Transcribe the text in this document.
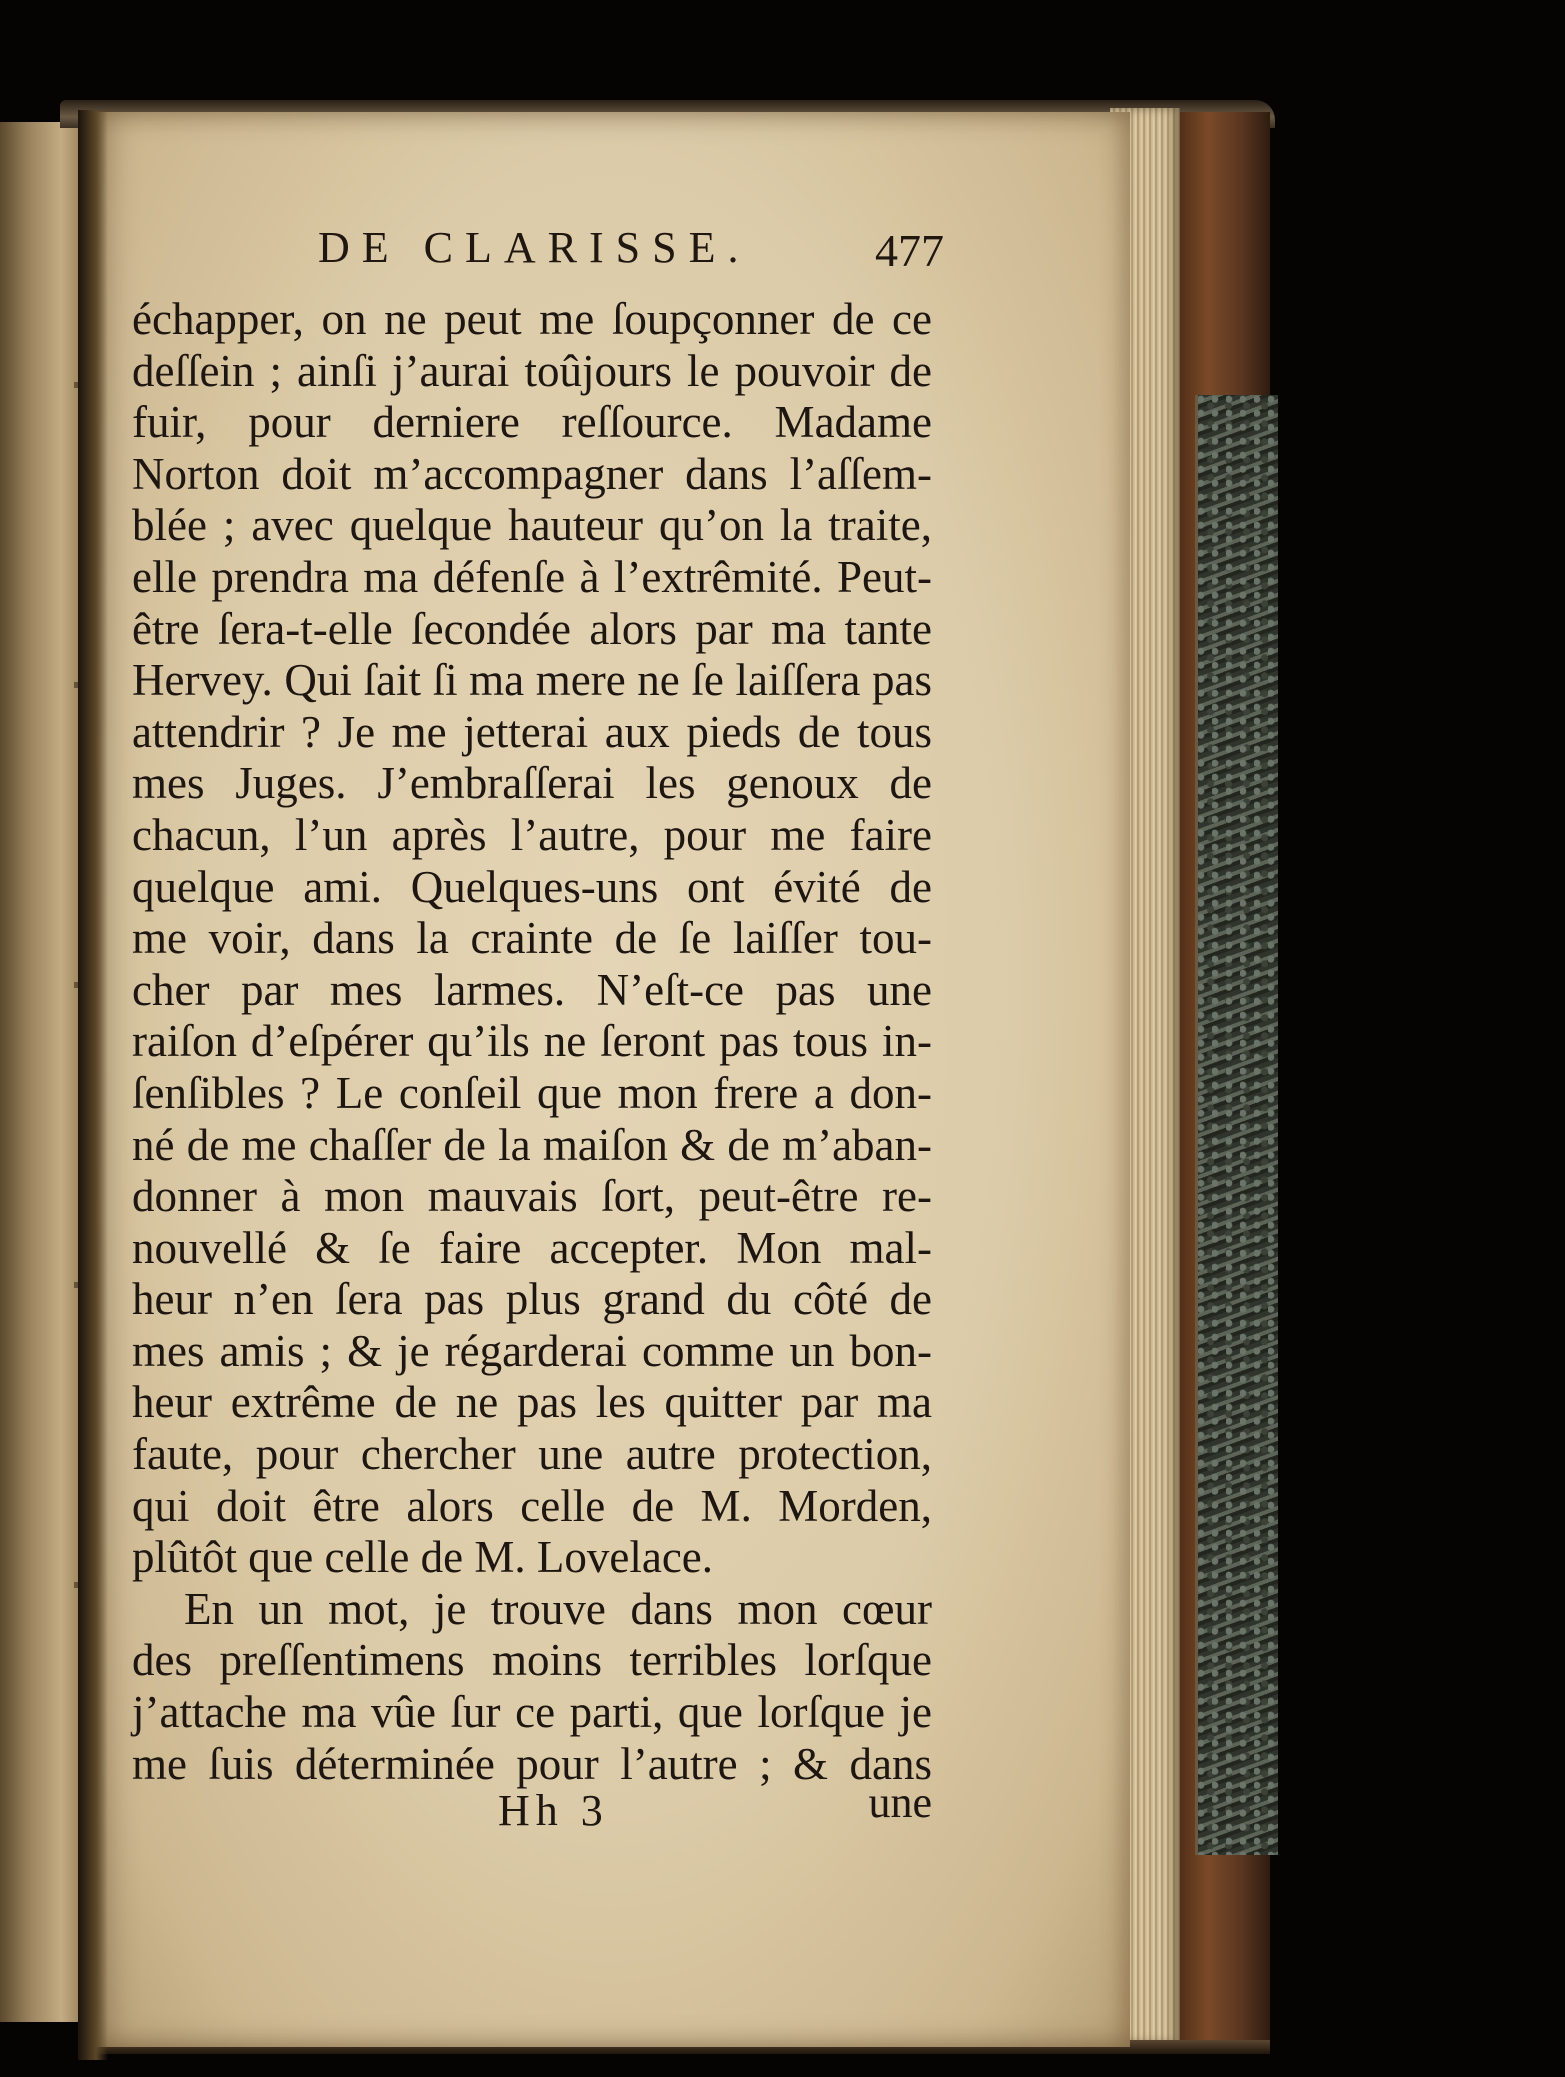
DE CLARISSE.	477
échapper, on ne peut me ſoupçonner de ce
deſſein ; ainſi j’aurai toûjours le pouvoir de
fuir, pour derniere reſſource. Madame
Norton doit m’accompagner dans l’aſſem-
blée ; avec quelque hauteur qu’on la traite,
elle prendra ma défenſe à l’extrêmité. Peut-
être ſera-t-elle ſecondée alors par ma tante
Hervey. Qui ſait ſi ma mere ne ſe laiſſera pas
attendrir ? Je me jetterai aux pieds de tous
mes Juges. J’embraſſerai les genoux de
chacun, l’un après l’autre, pour me faire
quelque ami. Quelques-uns ont évité de
me voir, dans la crainte de ſe laiſſer tou-
cher par mes larmes. N’eſt-ce pas une
raiſon d’eſpérer qu’ils ne ſeront pas tous in-
ſenſibles ? Le conſeil que mon frere a don-
né de me chaſſer de la maiſon & de m’aban-
donner à mon mauvais ſort, peut-être re-
nouvellé & ſe faire accepter. Mon mal-
heur n’en ſera pas plus grand du côté de
mes amis ; & je régarderai comme un bon-
heur extrême de ne pas les quitter par ma
faute, pour chercher une autre protection,
qui doit être alors celle de M. Morden,
plûtôt que celle de M. Lovelace.
En un mot, je trouve dans mon cœur
des preſſentimens moins terribles lorſque
j’attache ma vûe ſur ce parti, que lorſque je
me ſuis déterminée pour l’autre ; & dans
Hh 3	une
